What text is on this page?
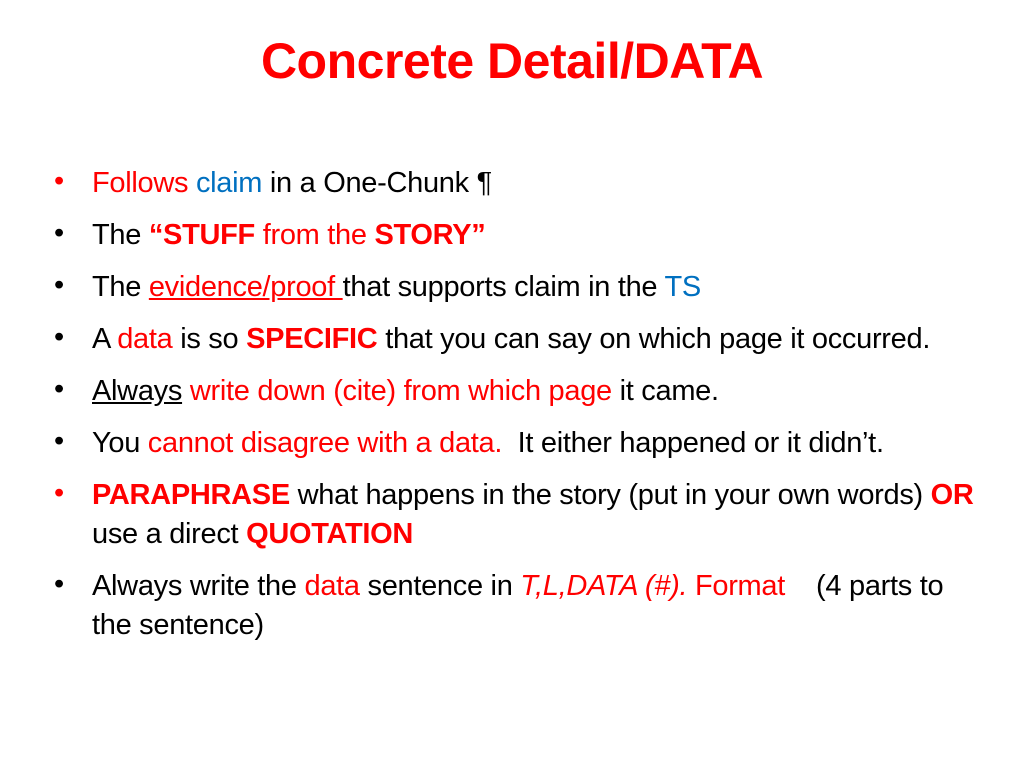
Concrete Detail/DATA
• Follows claim in a One-Chunk ¶
• The “STUFF from the STORY”
• The evidence/proof that supports claim in the TS
• A data is so SPECIFIC that you can say on which page it occurred.
• Always write down (cite) from which page it came.
• You cannot disagree with a data.  It either happened or it didn’t.
• PARAPHRASE what happens in the story (put in your own words) OR use a direct QUOTATION
• Always write the data sentence in T,L,DATA (#). Format    (4 parts to the sentence)
